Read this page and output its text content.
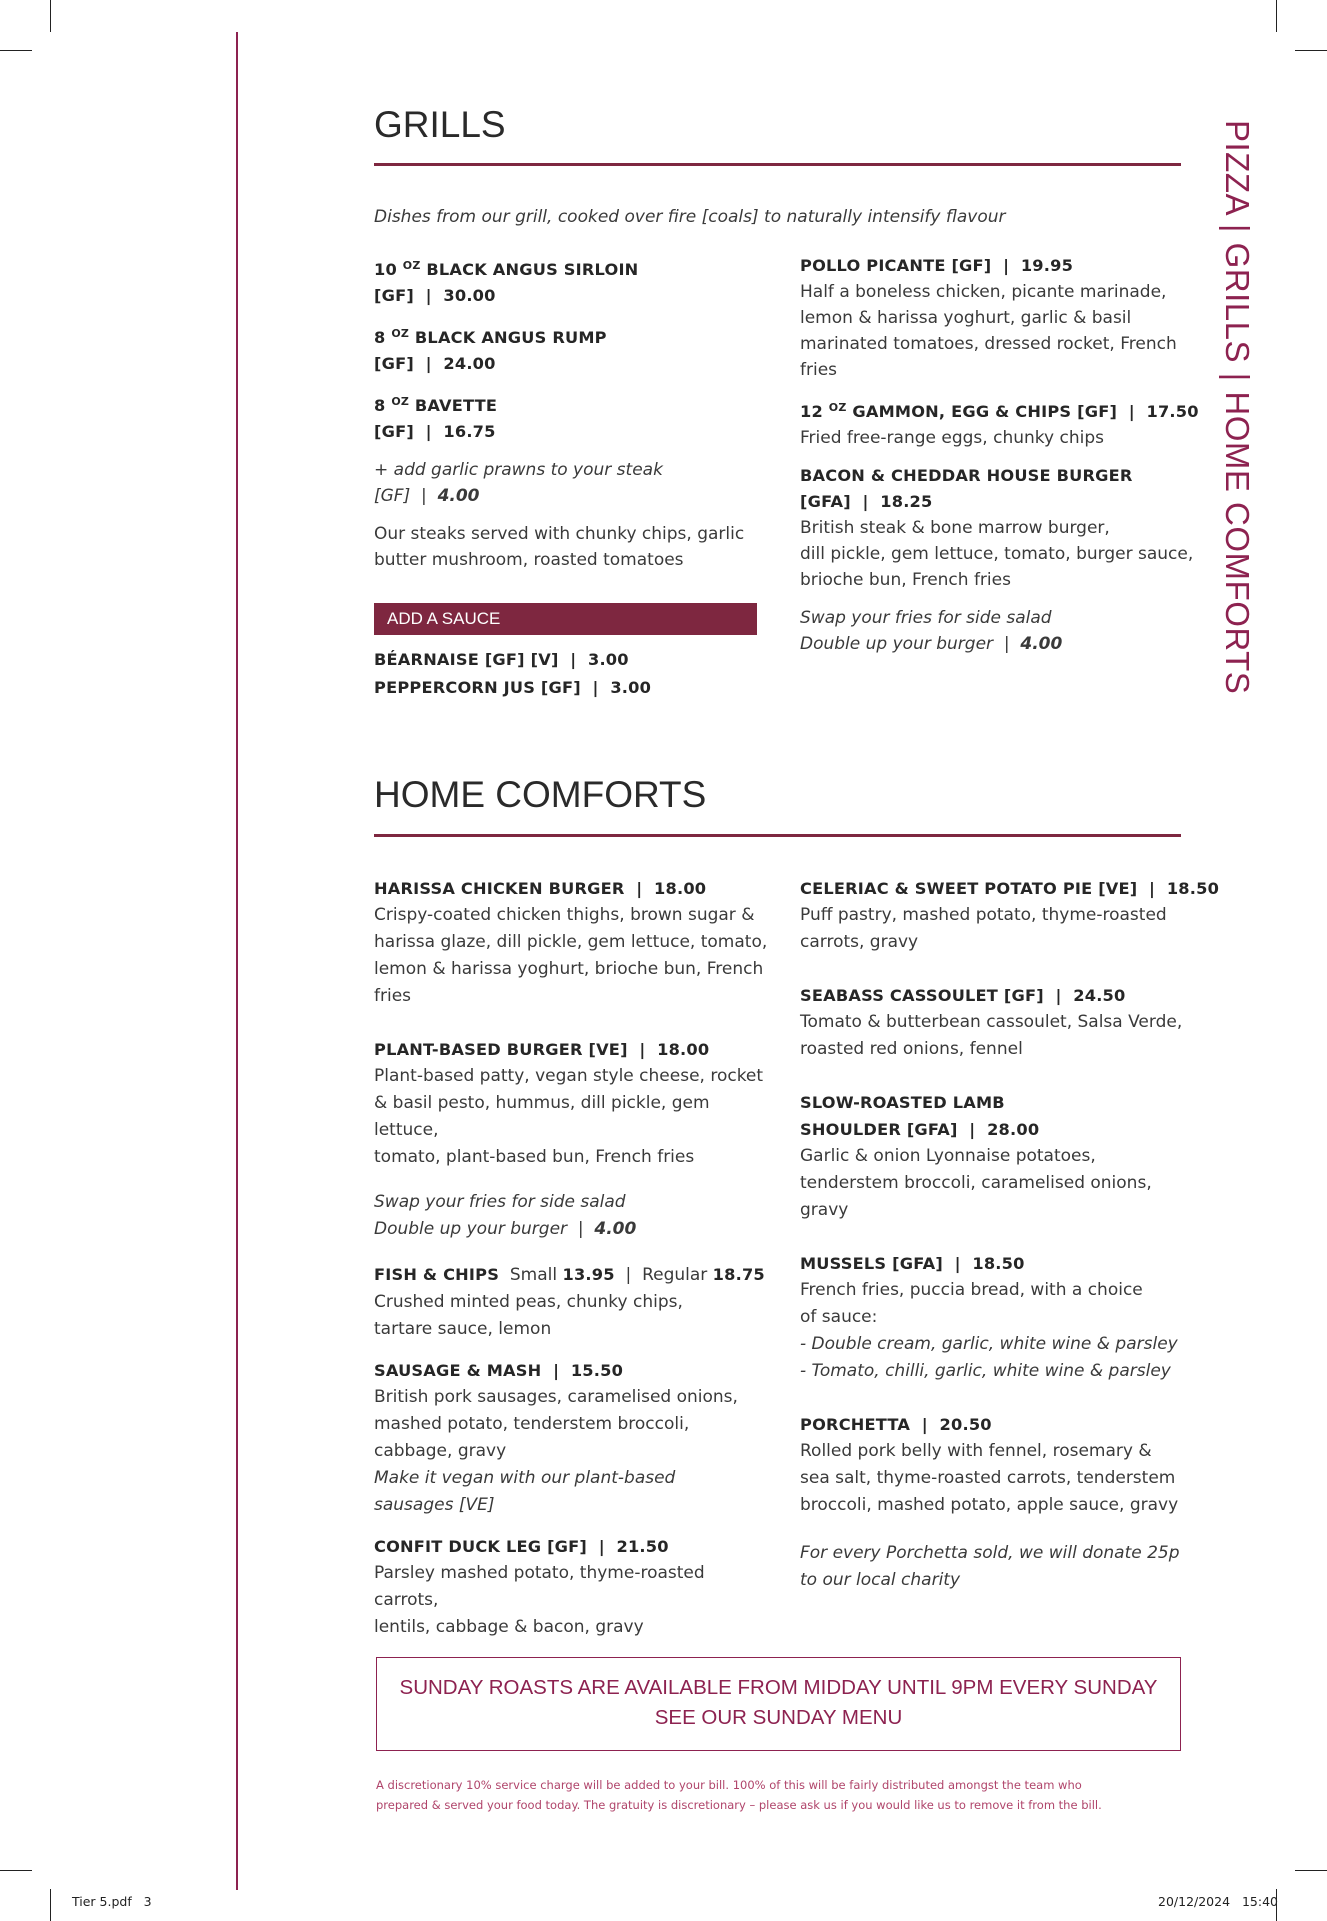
PIZZA | GRILLS | HOME COMFORTS
GRILLS
Dishes from our grill, cooked over fire [coals] to naturally intensify flavour

10 $^{OZ}$ BLACK ANGUS SIRLOIN

[GF]  |  30.00

8 $^{OZ}$ BLACK ANGUS RUMP

[GF]  |  24.00

8 $^{OZ}$ BAVETTE

[GF]  |  16.75

+ add garlic prawns to your steak

[GF]  |  4.00

Our steaks served with chunky chips, garlic

butter mushroom, roasted tomatoes

ADD A SAUCE

BÉARNAISE [GF] [V]  |  3.00

PEPPERCORN JUS [GF]  |  3.00

POLLO PICANTE [GF]  |  19.95

Half a boneless chicken, picante marinade,

lemon & harissa yoghurt, garlic & basil

marinated tomatoes, dressed rocket, French fries

12 $^{OZ}$ GAMMON, EGG & CHIPS [GF]  |  17.50

Fried free-range eggs, chunky chips

BACON & CHEDDAR HOUSE BURGER

[GFA]  |  18.25

British steak & bone marrow burger,

dill pickle, gem lettuce, tomato, burger sauce,

brioche bun, French fries

Swap your fries for side salad

Double up your burger  |  4.00

HOME COMFORTS

HARISSA CHICKEN BURGER  |  18.00

Crispy-coated chicken thighs, brown sugar &

harissa glaze, dill pickle, gem lettuce, tomato,

lemon & harissa yoghurt, brioche bun, French fries

PLANT-BASED BURGER [VE]  |  18.00

Plant-based patty, vegan style cheese, rocket

& basil pesto, hummus, dill pickle, gem lettuce,

tomato, plant-based bun, French fries

Swap your fries for side salad

Double up your burger  |  4.00

FISH & CHIPS Small 13.95 | Regular 18.75

Crushed minted peas, chunky chips,

tartare sauce, lemon

SAUSAGE & MASH  |  15.50

British pork sausages, caramelised onions,

mashed potato, tenderstem broccoli,

cabbage, gravy

Make it vegan with our plant-based

sausages [VE]

CONFIT DUCK LEG [GF]  |  21.50

Parsley mashed potato, thyme-roasted carrots,

lentils, cabbage & bacon, gravy

CELERIAC & SWEET POTATO PIE [VE]  |  18.50

Puff pastry, mashed potato, thyme-roasted

carrots, gravy

SEABASS CASSOULET [GF]  |  24.50

Tomato & butterbean cassoulet, Salsa Verde,

roasted red onions, fennel

SLOW-ROASTED LAMB

SHOULDER [GFA]  |  28.00

Garlic & onion Lyonnaise potatoes,

tenderstem broccoli, caramelised onions, gravy

MUSSELS [GFA]  |  18.50

French fries, puccia bread, with a choice

of sauce:

- Double cream, garlic, white wine & parsley

- Tomato, chilli, garlic, white wine & parsley

PORCHETTA  |  20.50

Rolled pork belly with fennel, rosemary &

sea salt, thyme-roasted carrots, tenderstem

broccoli, mashed potato, apple sauce, gravy

For every Porchetta sold, we will donate 25p

to our local charity

SUNDAY ROASTS ARE AVAILABLE FROM MIDDAY UNTIL 9PM EVERY SUNDAY
SEE OUR SUNDAY MENU
A discretionary 10% service charge will be added to your bill. 100% of this will be fairly distributed amongst the team who
prepared & served your food today. The gratuity is discretionary – please ask us if you would like us to remove it from the bill.
Tier 5.pdf   3	20/12/2024   15:40
